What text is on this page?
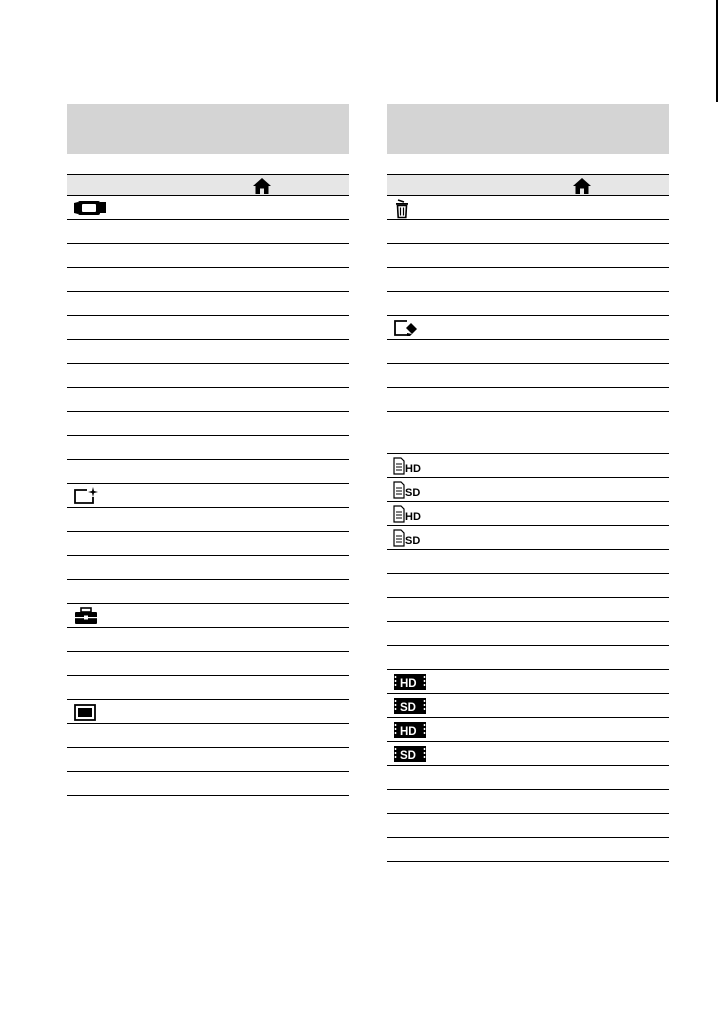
HD
SD
HD
SD
HD
SD
HD
SD
